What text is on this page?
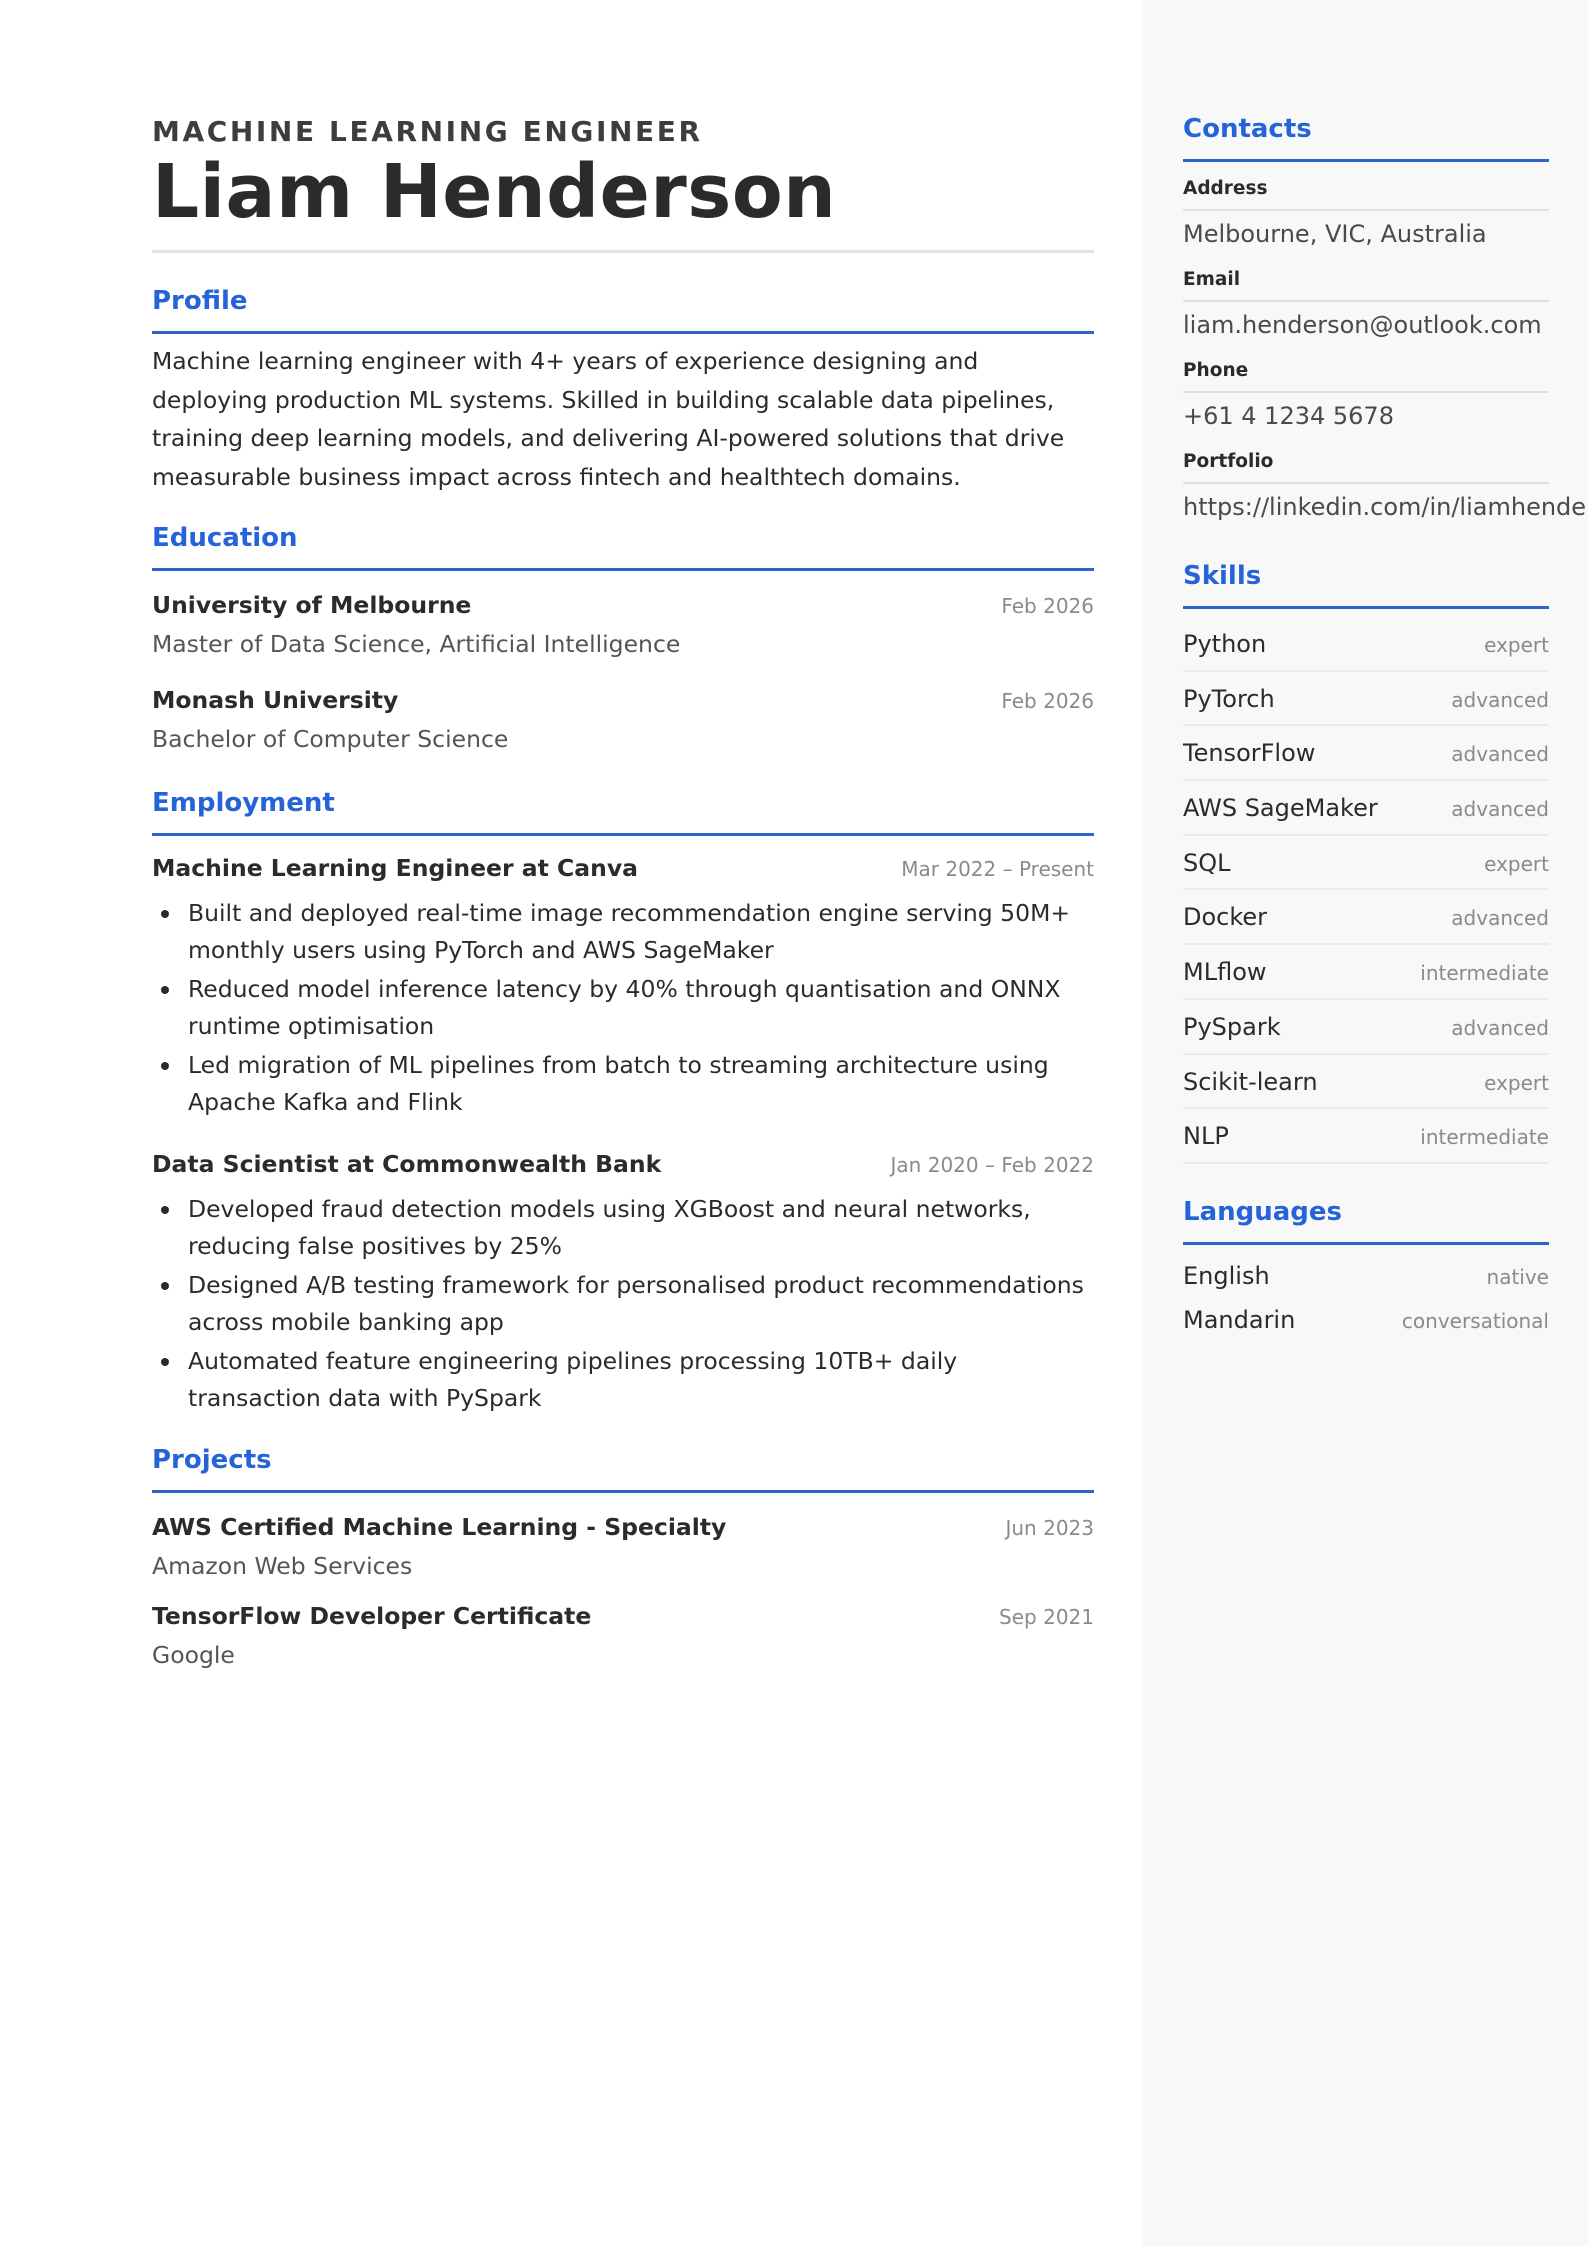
MACHINE LEARNING ENGINEER
Liam Henderson
Profile

Machine learning engineer with 4+ years of experience designing and deploying production ML systems. Skilled in building scalable data pipelines, training deep learning models, and delivering AI-powered solutions that drive measurable business impact across fintech and healthtech domains.

Education
University of Melbourne	Feb 2026
Master of Data Science, Artificial Intelligence
Monash University	Feb 2026
Bachelor of Computer Science
Employment
Machine Learning Engineer at Canva	Mar 2022 – Present
Built and deployed real-time image recommendation engine serving 50M+ monthly users using PyTorch and AWS SageMaker
Reduced model inference latency by 40% through quantisation and ONNX runtime optimisation
Led migration of ML pipelines from batch to streaming architecture using Apache Kafka and Flink
Data Scientist at Commonwealth Bank	Jan 2020 – Feb 2022
Developed fraud detection models using XGBoost and neural networks, reducing false positives by 25%
Designed A/B testing framework for personalised product recommendations across mobile banking app
Automated feature engineering pipelines processing 10TB+ daily transaction data with PySpark
Projects
AWS Certified Machine Learning - Specialty	Jun 2023
Amazon Web Services
TensorFlow Developer Certificate	Sep 2021
Google
Contacts
Address
Melbourne, VIC, Australia
Email
liam.henderson@outlook.com
Phone
+61 4 1234 5678
Portfolio
https://linkedin.com/in/liamhende
Skills
Python	expert
PyTorch	advanced
TensorFlow	advanced
AWS SageMaker	advanced
SQL	expert
Docker	advanced
MLflow	intermediate
PySpark	advanced
Scikit-learn	expert
NLP	intermediate
Languages
English	native
Mandarin	conversational
